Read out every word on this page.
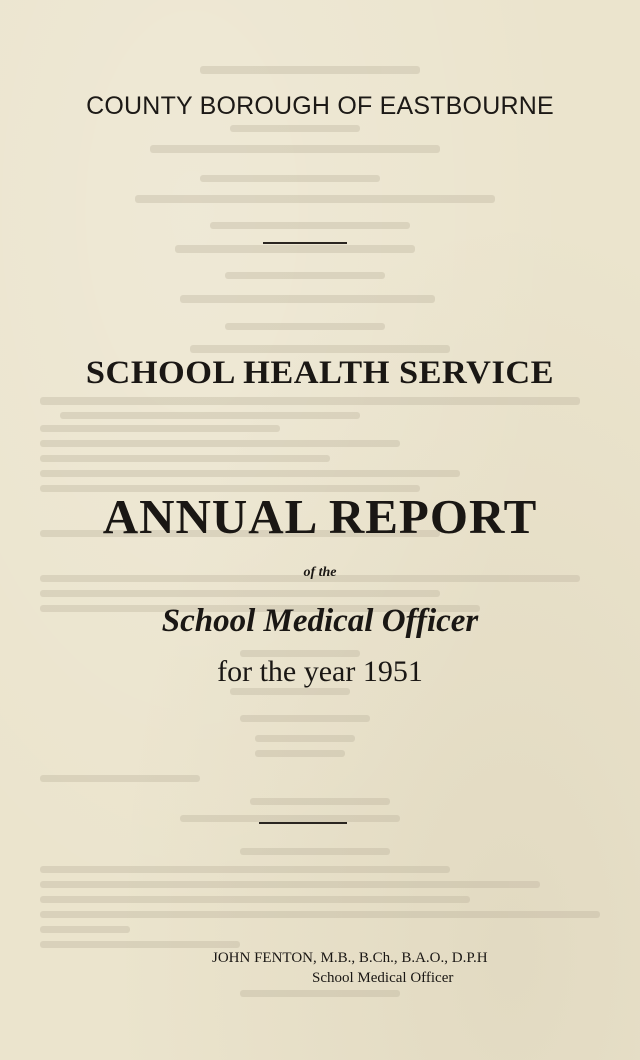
COUNTY BOROUGH OF EASTBOURNE
SCHOOL HEALTH SERVICE
ANNUAL REPORT
of the
School Medical Officer
for the year 1951
JOHN FENTON, M.B., B.Ch., B.A.O., D.P.H
School Medical Officer
